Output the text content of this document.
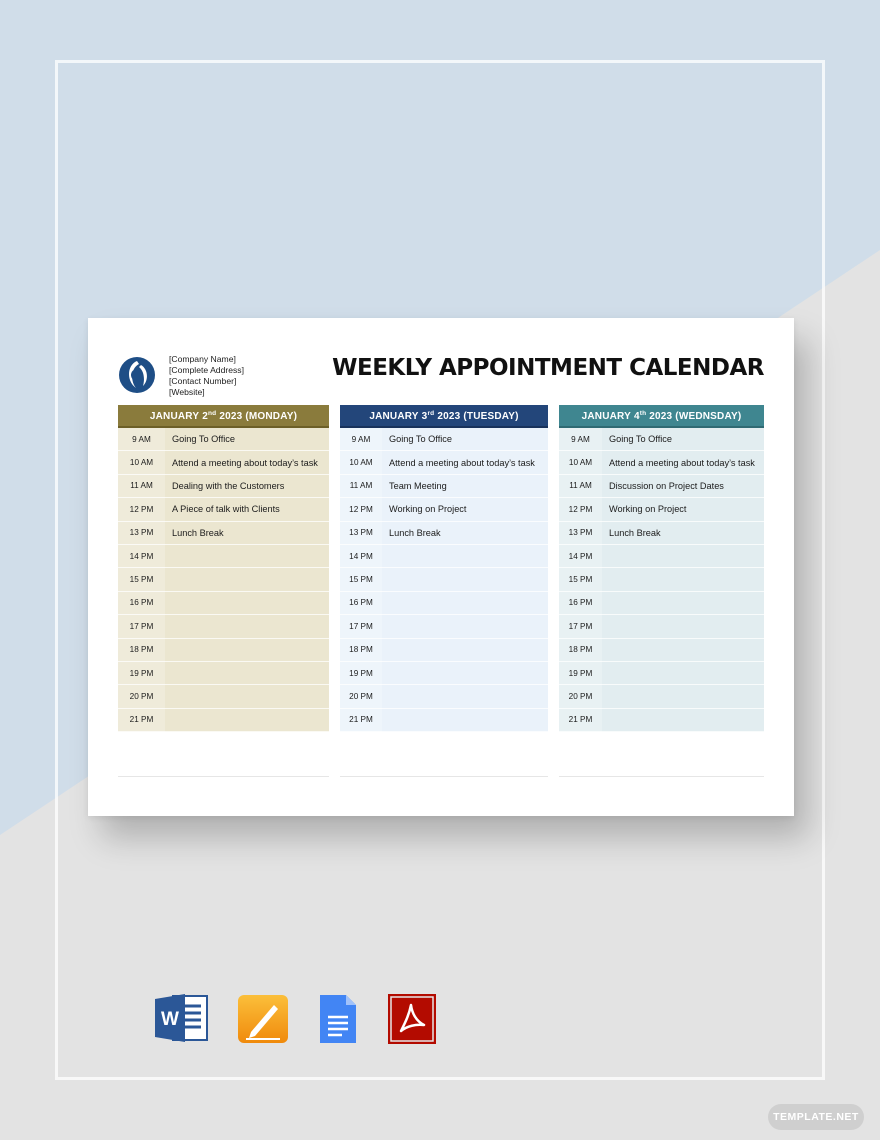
[Company Name]
[Complete Address]
[Contact Number]
[Website]
WEEKLY APPOINTMENT CALENDAR
JANUARY 2nd 2023 (MONDAY)
9 AM	Going To Office
10 AM	Attend a meeting about today’s task
11 AM	Dealing with the Customers
12 PM	A Piece of talk with Clients
13 PM	Lunch Break
14 PM
15 PM
16 PM
17 PM
18 PM
19 PM
20 PM
21 PM
JANUARY 3rd 2023 (TUESDAY)
9 AM	Going To Office
10 AM	Attend a meeting about today’s task
11 AM	Team Meeting
12 PM	Working on Project
13 PM	Lunch Break
14 PM
15 PM
16 PM
17 PM
18 PM
19 PM
20 PM
21 PM
JANUARY 4th 2023 (WEDNSDAY)
9 AM	Going To Office
10 AM	Attend a meeting about today’s task
11 AM	Discussion on Project Dates
12 PM	Working on Project
13 PM	Lunch Break
14 PM
15 PM
16 PM
17 PM
18 PM
19 PM
20 PM
21 PM
W
TEMPLATE.NET
